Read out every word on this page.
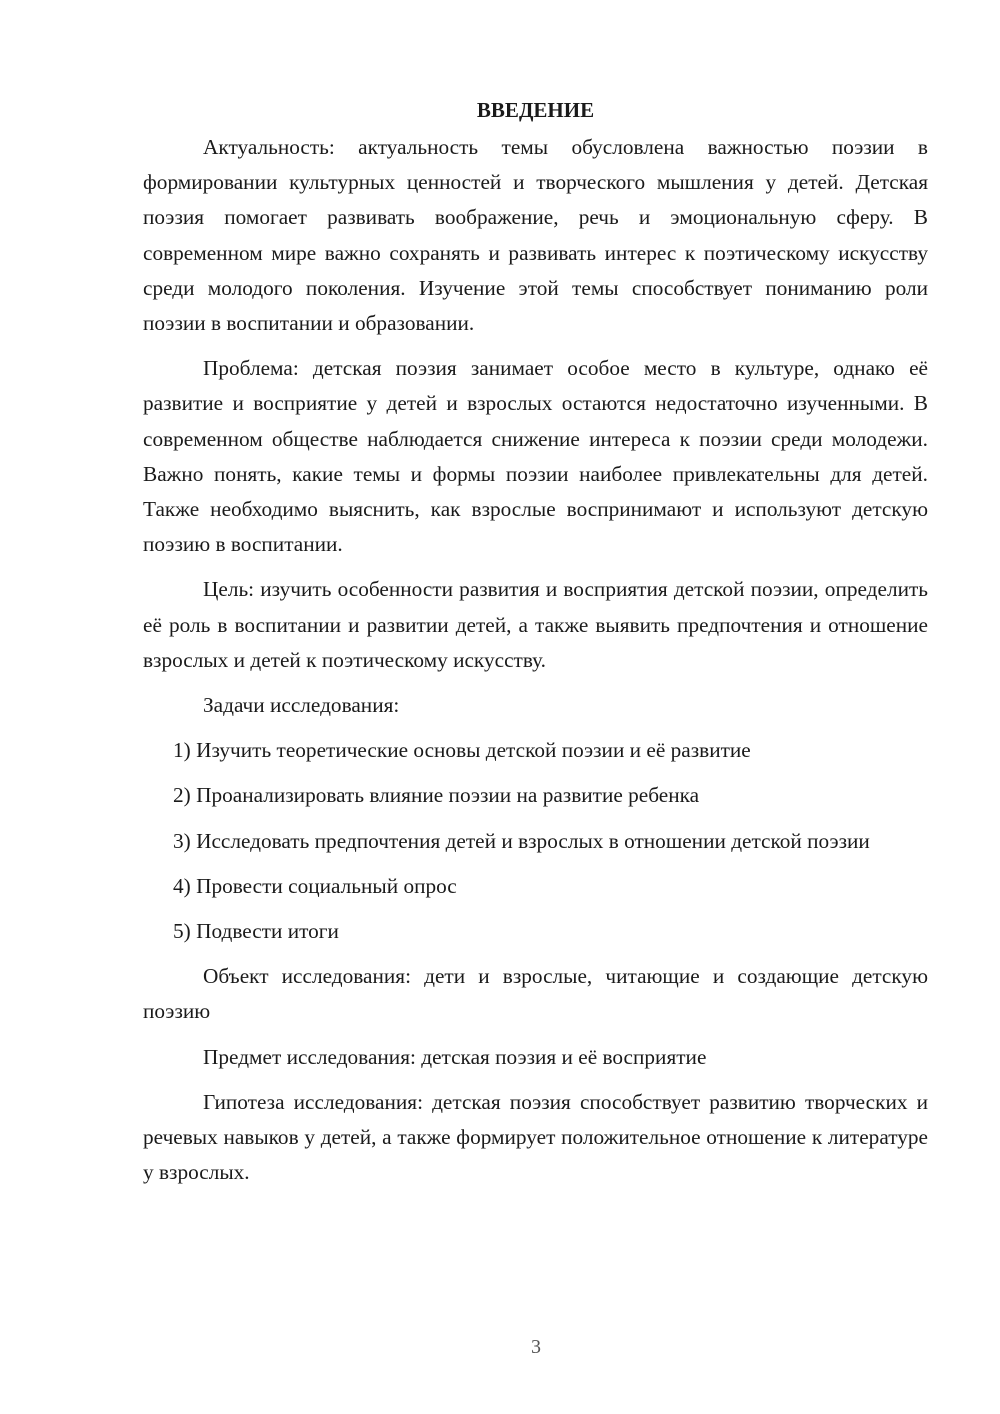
ВВЕДЕНИЕ

Актуальность: актуальность темы обусловлена важностью поэзии в формировании культурных ценностей и творческого мышления у детей. Детская поэзия помогает развивать воображение, речь и эмоциональную сферу. В современном мире важно сохранять и развивать интерес к поэтическому искусству среди молодого поколения. Изучение этой темы способствует пониманию роли поэзии в воспитании и образовании.

Проблема: детская поэзия занимает особое место в культуре, однако её развитие и восприятие у детей и взрослых остаются недостаточно изученными. В современном обществе наблюдается снижение интереса к поэзии среди молодежи. Важно понять, какие темы и формы поэзии наиболее привлекательны для детей. Также необходимо выяснить, как взрослые воспринимают и используют детскую поэзию в воспитании.

Цель: изучить особенности развития и восприятия детской поэзии, определить её роль в воспитании и развитии детей, а также выявить предпочтения и отношение взрослых и детей к поэтическому искусству.

Задачи исследования:

1) Изучить теоретические основы детской поэзии и её развитие

2) Проанализировать влияние поэзии на развитие ребенка

3) Исследовать предпочтения детей и взрослых в отношении детской поэзии

4) Провести социальный опрос

5) Подвести итоги

Объект исследования: дети и взрослые, читающие и создающие детскую поэзию

Предмет исследования: детская поэзия и её восприятие

Гипотеза исследования: детская поэзия способствует развитию творческих и речевых навыков у детей, а также формирует положительное отношение к литературе у взрослых.

3
